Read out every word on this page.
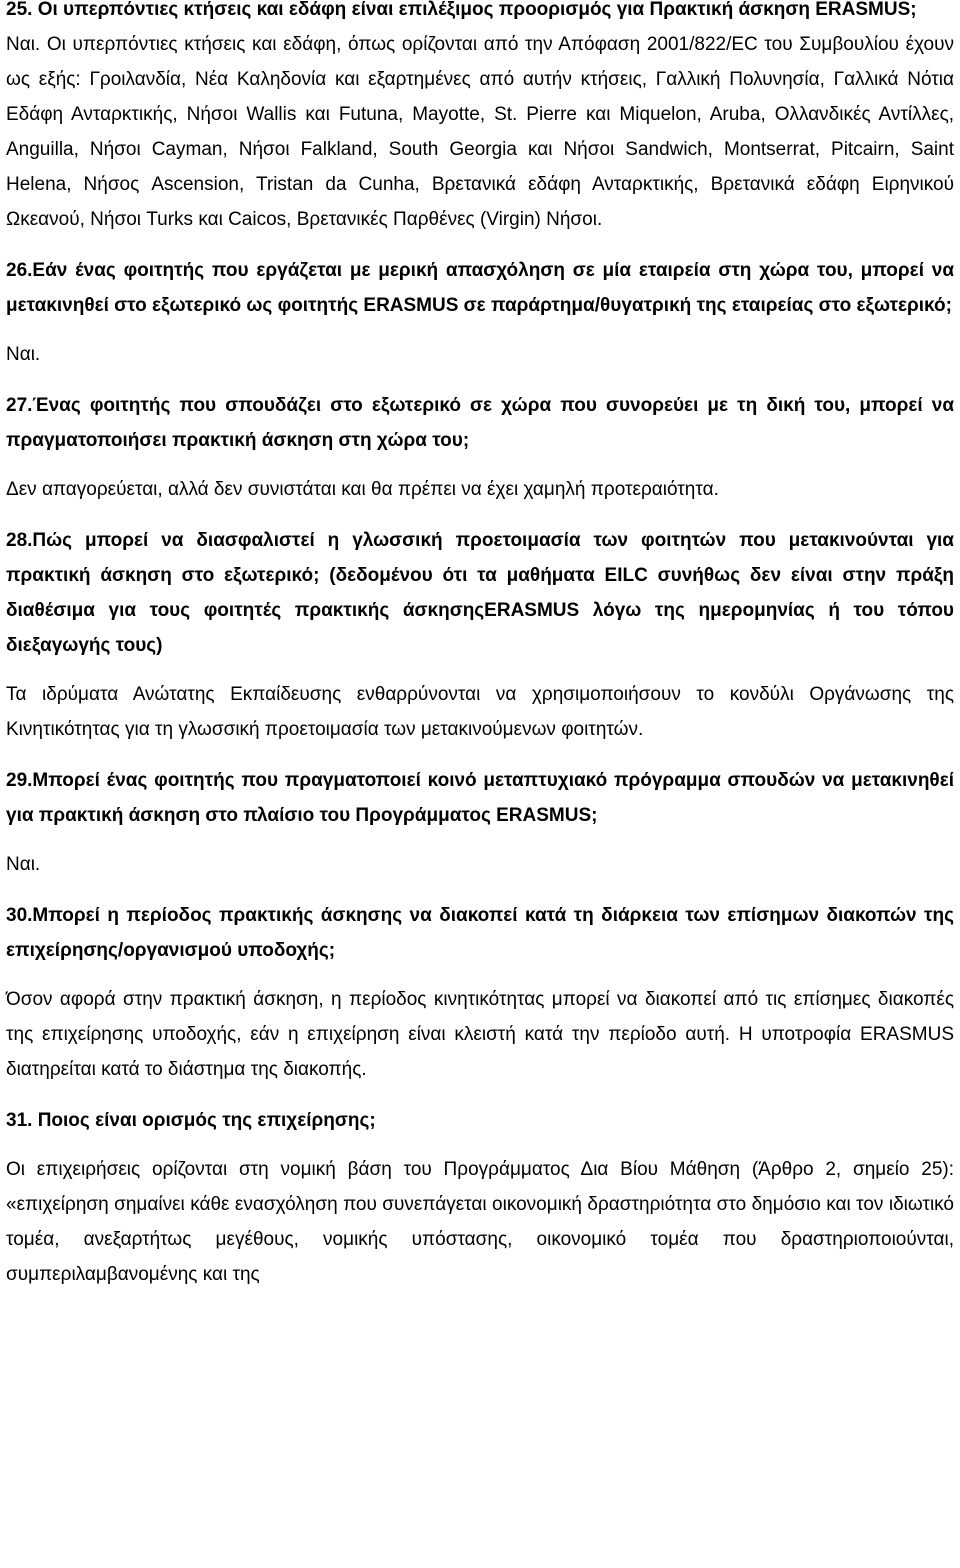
25. Οι υπερπόντιες κτήσεις και εδάφη είναι επιλέξιμος προορισμός για Πρακτική άσκηση ERASMUS;

Ναι. Οι υπερπόντιες κτήσεις και εδάφη, όπως ορίζονται από την Απόφαση 2001/822/EC του Συμβουλίου έχουν ως εξής: Γροιλανδία, Νέα Καληδονία και εξαρτημένες από αυτήν κτήσεις, Γαλλική Πολυνησία, Γαλλικά Νότια Εδάφη Ανταρκτικής, Νήσοι Wallis και Futuna, Mayotte, St. Pierre και Miquelon, Aruba, Ολλανδικές Αντίλλες, Anguilla, Νήσοι Cayman, Νήσοι Falkland, South Georgia και Νήσοι Sandwich, Montserrat, Pitcairn, Saint Helena, Νήσος Ascension, Tristan da Cunha, Βρετανικά εδάφη Ανταρκτικής, Βρετανικά εδάφη Ειρηνικού Ωκεανού, Νήσοι Turks και Caicos, Βρετανικές Παρθένες (Virgin) Νήσοι.

26.Εάν ένας φοιτητής που εργάζεται με μερική απασχόληση σε μία εταιρεία στη χώρα του, μπορεί να μετακινηθεί στο εξωτερικό ως φοιτητής ERASMUS σε παράρτημα/θυγατρική της εταιρείας στο εξωτερικό;

Ναι.

27.Ένας φοιτητής που σπουδάζει στο εξωτερικό σε χώρα που συνορεύει με τη δική του, μπορεί να πραγματοποιήσει πρακτική άσκηση στη χώρα του;

Δεν απαγορεύεται, αλλά δεν συνιστάται και θα πρέπει να έχει χαμηλή προτεραιότητα.

28.Πώς μπορεί να διασφαλιστεί η γλωσσική προετοιμασία των φοιτητών που μετακινούνται για πρακτική άσκηση στο εξωτερικό; (δεδομένου ότι τα μαθήματα EILC συνήθως δεν είναι στην πράξη διαθέσιμα για τους φοιτητές πρακτικής άσκησηςERASMUS λόγω της ημερομηνίας ή του τόπου διεξαγωγής τους)

Τα ιδρύματα Ανώτατης Εκπαίδευσης ενθαρρύνονται να χρησιμοποιήσουν το κονδύλι Οργάνωσης της Κινητικότητας για τη γλωσσική προετοιμασία των μετακινούμενων φοιτητών.

29.Μπορεί ένας φοιτητής που πραγματοποιεί κοινό μεταπτυχιακό πρόγραμμα σπουδών να μετακινηθεί για πρακτική άσκηση στο πλαίσιο του Προγράμματος ERASMUS;

Ναι.

30.Μπορεί η περίοδος πρακτικής άσκησης να διακοπεί κατά τη διάρκεια των επίσημων διακοπών της επιχείρησης/οργανισμού υποδοχής;

Όσον αφορά στην πρακτική άσκηση, η περίοδος κινητικότητας μπορεί να διακοπεί από τις επίσημες διακοπές της επιχείρησης υποδοχής, εάν η επιχείρηση είναι κλειστή κατά την περίοδο αυτή. Η υποτροφία ERASMUS διατηρείται κατά το διάστημα της διακοπής.

31. Ποιος είναι ορισμός της επιχείρησης;

Οι επιχειρήσεις ορίζονται στη νομική βάση του Προγράμματος Δια Βίου Μάθηση (Άρθρο 2, σημείο 25): «επιχείρηση σημαίνει κάθε ενασχόληση που συνεπάγεται οικονομική δραστηριότητα στο δημόσιο και τον ιδιωτικό τομέα, ανεξαρτήτως μεγέθους, νομικής υπόστασης, οικονομικό τομέα που δραστηριοποιούνται, συμπεριλαμβανομένης και της
